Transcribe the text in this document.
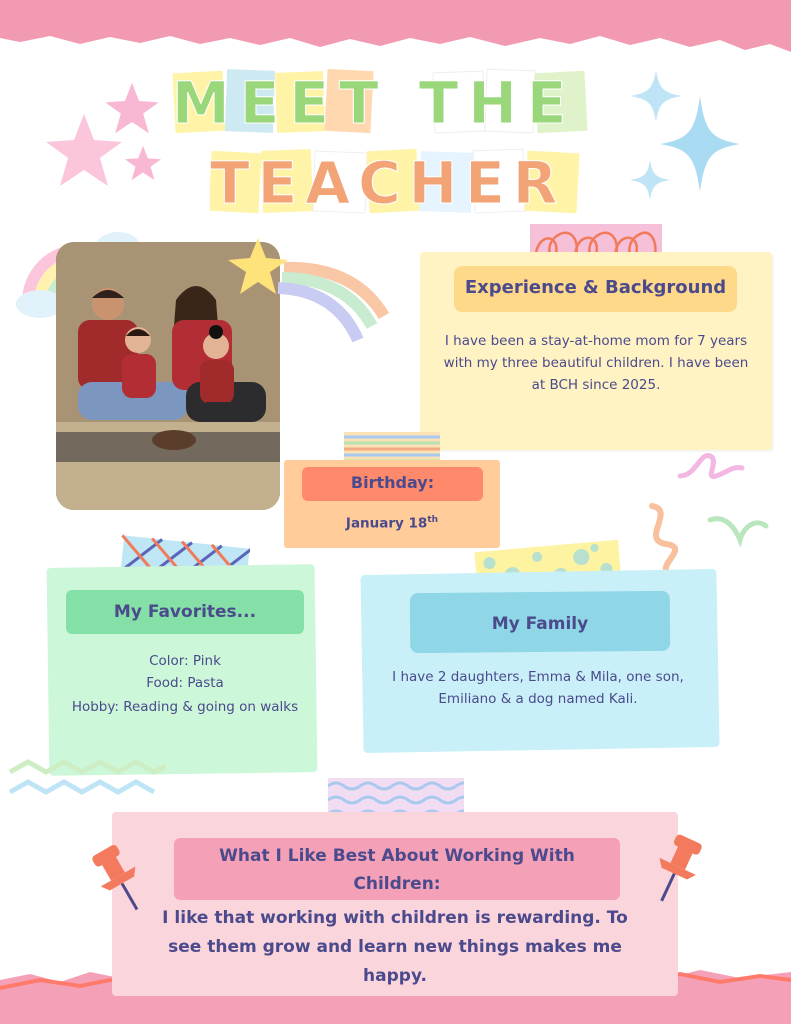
MEET THE
TEACHER
Experience & Background
I have been a stay-at-home mom for 7 years with my three beautiful children. I have been at BCH since 2025.
Birthday:
January 18th
My Favorites...
Color: Pink
Food: Pasta
Hobby: Reading & going on walks
My Family
I have 2 daughters, Emma & Mila, one son, Emiliano & a dog named Kali.
What I Like Best About Working With Children:
I like that working with children is rewarding. To see them grow and learn new things makes me happy.
